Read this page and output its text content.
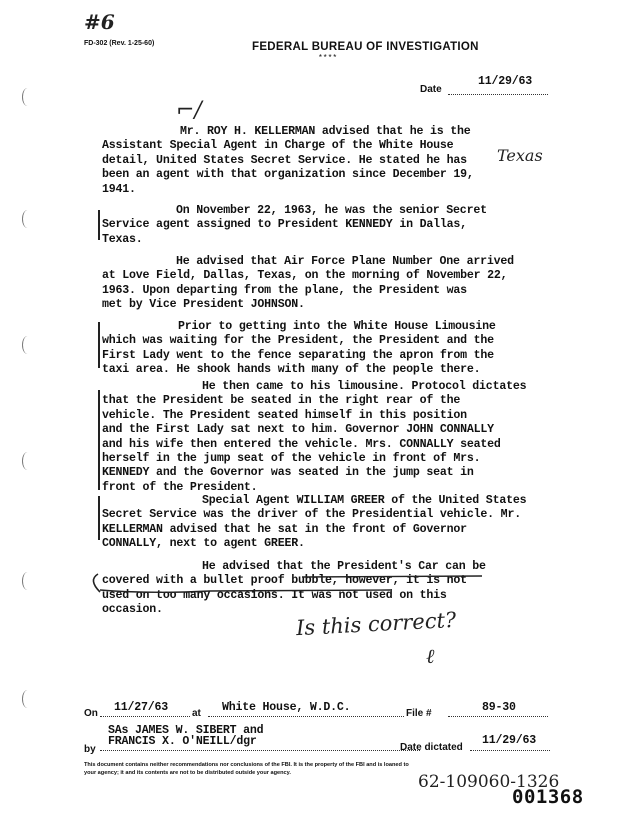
#6
FD-302 (Rev. 1-25-60)	FEDERAL BUREAU OF INVESTIGATION
****
Date
11/29/63
Texas
⌐/
Mr. ROY H. KELLERMAN advised that he is the
Assistant Special Agent in Charge of the White House
detail, United States Secret Service. He stated he has
been an agent with that organization since December 19,
1941.
On November 22, 1963, he was the senior Secret
Service agent assigned to President KENNEDY in Dallas,
Texas.
He advised that Air Force Plane Number One arrived
at Love Field, Dallas, Texas, on the morning of November 22,
1963. Upon departing from the plane, the President was
met by Vice President JOHNSON.
Prior to getting into the White House Limousine
which was waiting for the President, the President and the
First Lady went to the fence separating the apron from the
taxi area. He shook hands with many of the people there.
He then came to his limousine. Protocol dictates
that the President be seated in the right rear of the
vehicle. The President seated himself in this position
and the First Lady sat next to him. Governor JOHN CONNALLY
and his wife then entered the vehicle. Mrs. CONNALLY seated
herself in the jump seat of the vehicle in front of Mrs.
KENNEDY and the Governor was seated in the jump seat in
front of the President.
Special Agent WILLIAM GREER of the United States
Secret Service was the driver of the Presidential vehicle. Mr.
KELLERMAN advised that he sat in the front of Governor
CONNALLY, next to agent GREER.
He advised that the President's Car can be
covered with a bullet proof bubble, however, it is not
used on too many occasions. It was not used on this
occasion.	Is this correct?
ℓ
On 11/27/63 at White House, W.D.C.	File #	89-30
SAs JAMES W. SIBERT and
by
FRANCIS X. O'NEILL/dgr	Date dictated
11/29/63
This document contains neither recommendations nor conclusions of the FBI. It is the property of the FBI and is loaned to
your agency; it and its contents are not to be distributed outside your agency.	62-109060-1326
001368
